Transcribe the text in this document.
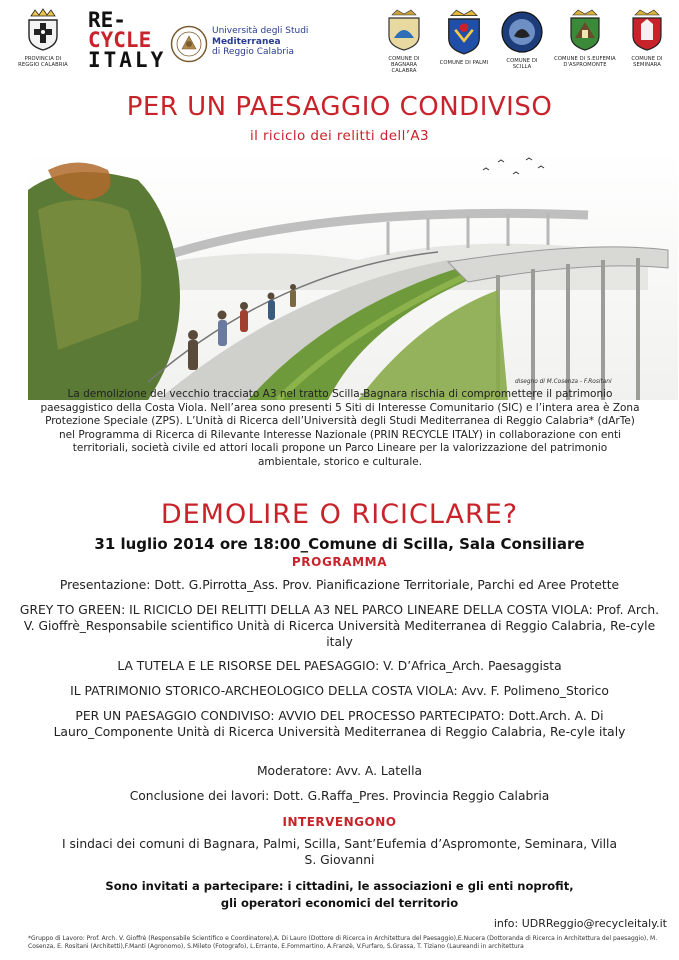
PROVINCIA DI REGGIO CALABRIA
RE-
CYCLE
ITALY
Università degli Studi
Mediterranea
di Reggio Calabria
COMUNE DI BAGNARA CALABRA
COMUNE DI PALMI	COMUNE DI SCILLA
COMUNE DI S.EUFEMIA D'ASPROMONTE
COMUNE DI SEMINARA
PER UN PAESAGGIO CONDIVISO
il riciclo dei relitti dell’A3
disegno di M.Cosenza - F.Rositani
La demolizione del vecchio tracciato A3 nel tratto Scilla-Bagnara rischia di compromettere il patrimonio paesaggistico della Costa Viola. Nell’area sono presenti 5 Siti di Interesse Comunitario (SIC) e l’intera area è Zona Protezione Speciale (ZPS). L’Unità di Ricerca dell’Università degli Studi Mediterranea di Reggio Calabria* (dArTe) nel Programma di Ricerca di Rilevante Interesse Nazionale (PRIN RECYCLE ITALY) in collaborazione con enti territoriali, società civile ed attori locali propone un Parco Lineare per la valorizzazione del patrimonio ambientale, storico e culturale.
DEMOLIRE O RICICLARE?
31 luglio 2014 ore 18:00_Comune di Scilla, Sala Consiliare
PROGRAMMA
Presentazione: Dott. G.Pirrotta_Ass. Prov. Pianificazione Territoriale, Parchi ed Aree Protette
GREY TO GREEN: IL RICICLO DEI RELITTI DELLA A3 NEL PARCO LINEARE DELLA COSTA VIOLA: Prof. Arch. V. Gioffrè_Responsabile scientifico Unità di Ricerca Università Mediterranea di Reggio Calabria, Re-cyle italy
LA TUTELA E LE RISORSE DEL PAESAGGIO: V. D’Africa_Arch. Paesaggista
IL PATRIMONIO STORICO-ARCHEOLOGICO DELLA COSTA VIOLA: Avv. F. Polimeno_Storico
PER UN PAESAGGIO CONDIVISO: AVVIO DEL PROCESSO PARTECIPATO: Dott.Arch. A. Di Lauro_Componente Unità di Ricerca Università Mediterranea di Reggio Calabria, Re-cyle italy
Moderatore: Avv. A. Latella
Conclusione dei lavori: Dott. G.Raffa_Pres. Provincia Reggio Calabria
INTERVENGONO
I sindaci dei comuni di Bagnara, Palmi, Scilla, Sant’Eufemia d’Aspromonte, Seminara, Villa S. Giovanni
Sono invitati a partecipare: i cittadini, le associazioni e gli enti noprofit,
gli operatori economici del territorio
info: UDRReggio@recycleitaly.it
*Gruppo di Lavoro: Prof. Arch. V. Gioffrè (Responsabile Scientifico e Coordinatore),A. Di Lauro (Dottore di Ricerca in Architettura del Paesaggio),E.Nucera (Dottoranda di Ricerca in Architettura del paesaggio), M. Cosenza, E. Rositani (Architetti),F.Manti (Agronomo), S.Mileto (Fotografo), L.Errante, E.Fommartino, A.Franzè, V.Furfaro, S.Grassa, T. Tiziano (Laureandi in architettura
